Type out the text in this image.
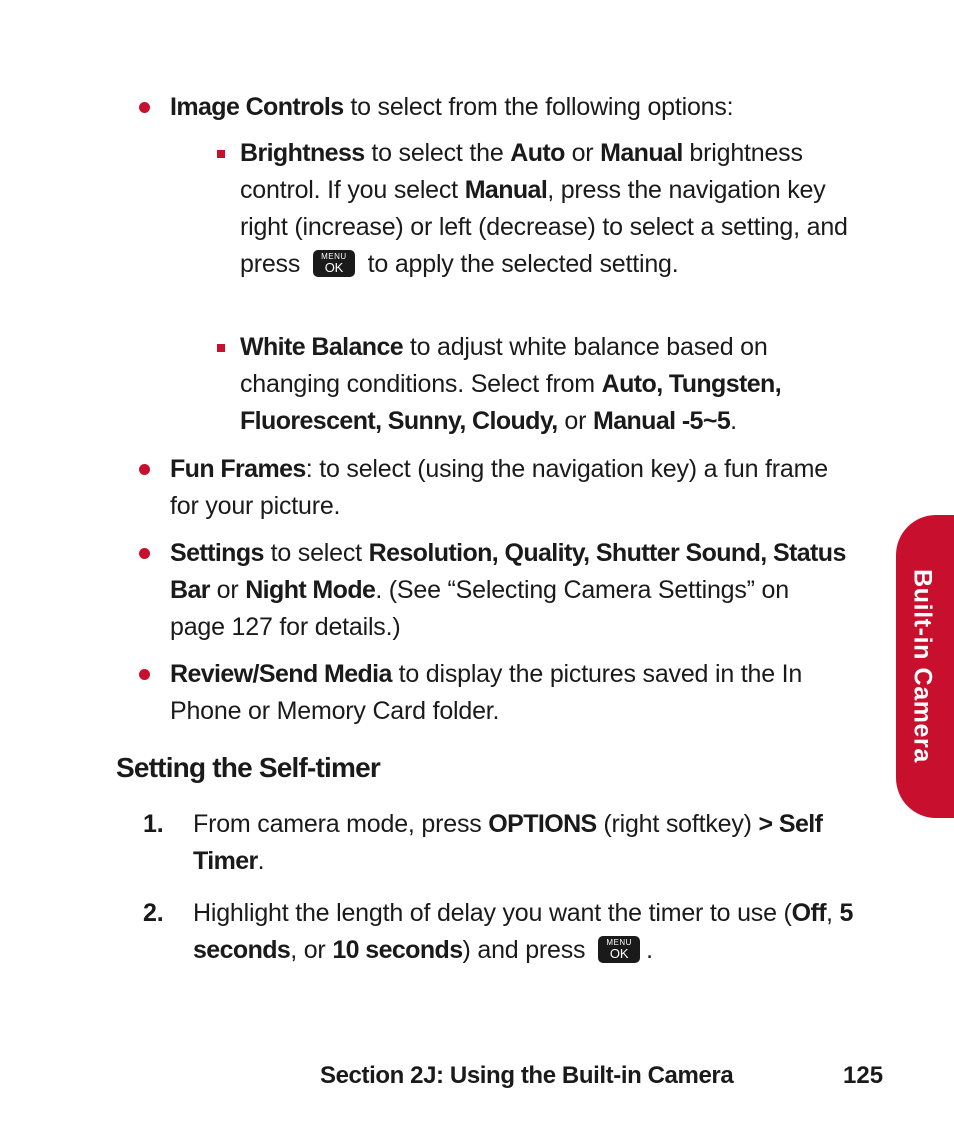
Image Controls to select from the following options:
Brightness to select the Auto or Manual brightness control. If you select Manual, press the navigation key right (increase) or left (decrease) to select a setting, and press	MENU
OK to apply the selected setting.
White Balance to adjust white balance based on changing conditions. Select from Auto, Tungsten, Fluorescent, Sunny, Cloudy, or Manual -5~5.
Fun Frames: to select (using the navigation key) a fun frame for your picture.
Settings to select Resolution, Quality, Shutter Sound, Status Bar or Night Mode. (See “Selecting Camera Settings” on page 127 for details.)
Review/Send Media to display the pictures saved in the In Phone or Memory Card folder.
Setting the Self-timer
1. From camera mode, press OPTIONS (right softkey) > Self Timer.
2. Highlight the length of delay you want the timer to use (Off, 5 seconds, or 10 seconds) and press	MENU
OK .
Built-in Camera
Section 2J: Using the Built-in Camera	125
